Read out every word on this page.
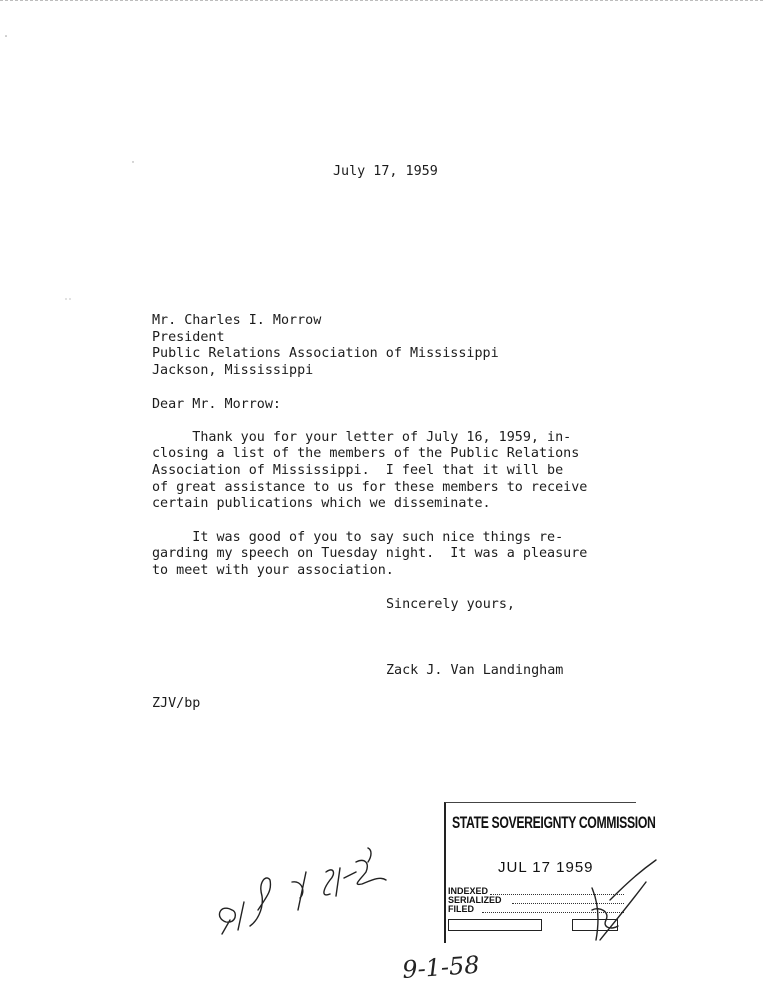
July 17, 1959
Mr. Charles I. Morrow
President
Public Relations Association of Mississippi
Jackson, Mississippi
Dear Mr. Morrow:
Thank you for your letter of July 16, 1959, in-
closing a list of the members of the Public Relations
Association of Mississippi.  I feel that it will be
of great assistance to us for these members to receive
certain publications which we disseminate.
It was good of you to say such nice things re-
garding my speech on Tuesday night.  It was a pleasure
to meet with your association.
Sincerely yours,
Zack J. Van Landingham
ZJV/bp
STATE SOVEREIGNTY COMMISSION
JUL 17 1959
INDEXED
SERIALIZED
FILED
9-1-58
